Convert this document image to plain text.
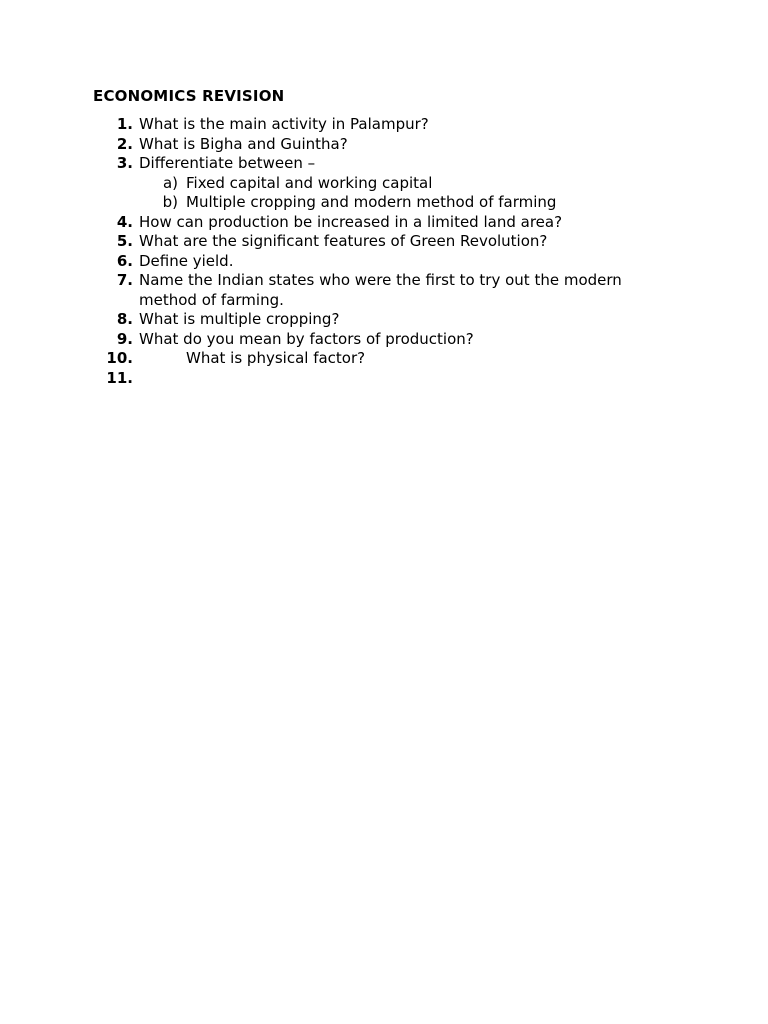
ECONOMICS REVISION
1. What is the main activity in Palampur?
2. What is Bigha and Guintha?
3. Differentiate between –
a) Fixed capital and working capital
b) Multiple cropping and modern method of farming
4. How can production be increased in a limited land area?
5. What are the significant features of Green Revolution?
6. Define yield.
7. Name the Indian states who were the first to try out the modern
method of farming.
8. What is multiple cropping?
9. What do you mean by factors of production?
10.	What is physical factor?
11.
